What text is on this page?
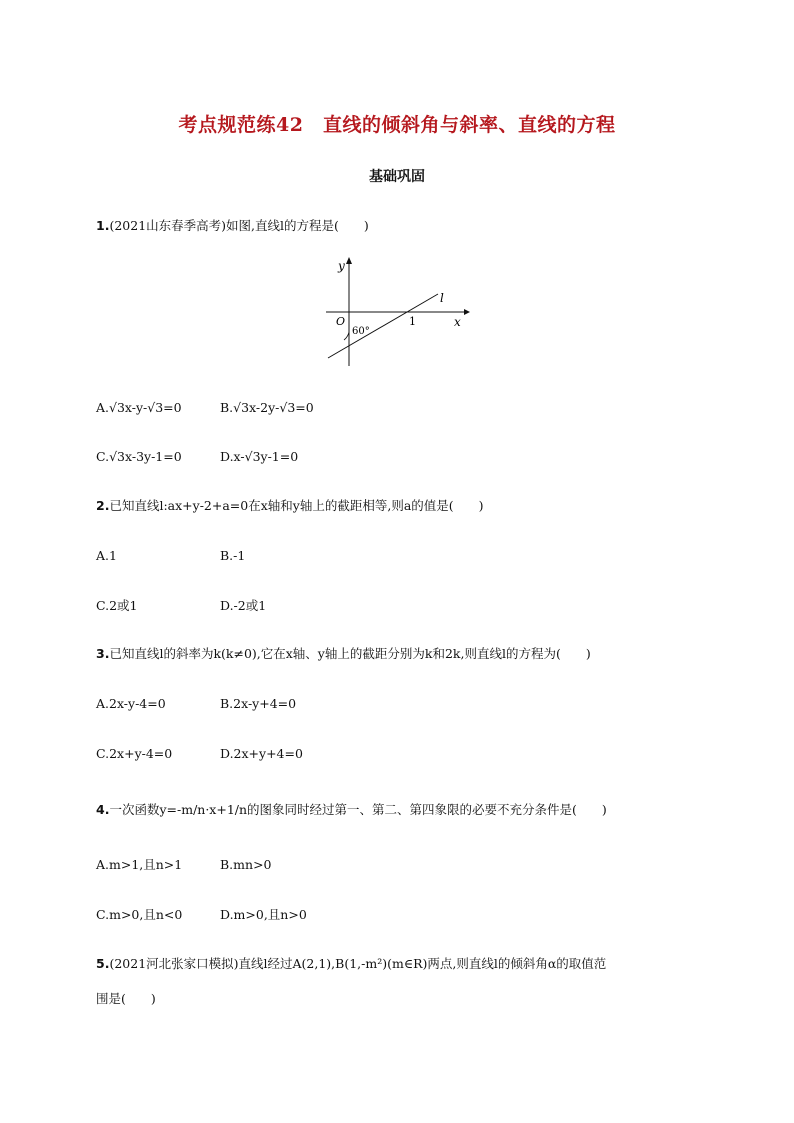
考点规范练42　直线的倾斜角与斜率、直线的方程
基础巩固
1.(2021山东春季高考)如图,直线l的方程是(　　)
y
x
O
l
1
60°
A.√3x-y-√3=0	B.√3x-2y-√3=0
C.√3x-3y-1=0	D.x-√3y-1=0
2.已知直线l:ax+y-2+a=0在x轴和y轴上的截距相等,则a的值是(　　)
A.1	B.-1
C.2或1	D.-2或1
3.已知直线l的斜率为k(k≠0),它在x轴、y轴上的截距分别为k和2k,则直线l的方程为(　　)
A.2x-y-4=0	B.2x-y+4=0
C.2x+y-4=0	D.2x+y+4=0
4.一次函数y=-m/n·x+1/n的图象同时经过第一、第二、第四象限的必要不充分条件是(　　)
A.m>1,且n>1	B.mn>0
C.m>0,且n<0	D.m>0,且n>0
5.(2021河北张家口模拟)直线l经过A(2,1),B(1,-m²)(m∈R)两点,则直线l的倾斜角α的取值范
围是(　　)
